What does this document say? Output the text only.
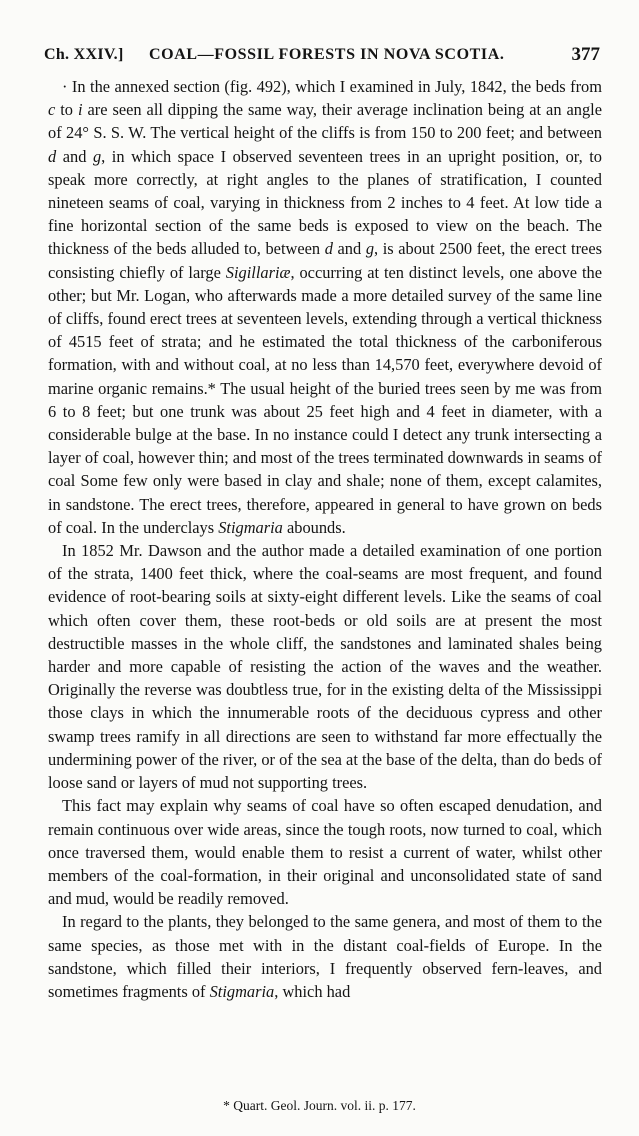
Ch. XXIV.] COAL—FOSSIL FORESTS IN NOVA SCOTIA.	377

· In the annexed section (fig. 492), which I examined in July, 1842, the beds from c to i are seen all dipping the same way, their average inclination being at an angle of 24° S. S. W. The vertical height of the cliffs is from 150 to 200 feet; and between d and g, in which space I observed seventeen trees in an upright position, or, to speak more correctly, at right angles to the planes of stratification, I counted nineteen seams of coal, varying in thickness from 2 inches to 4 feet. At low tide a fine horizontal section of the same beds is exposed to view on the beach. The thickness of the beds alluded to, between d and g, is about 2500 feet, the erect trees consisting chiefly of large Sigillariæ, occurring at ten distinct levels, one above the other; but Mr. Logan, who afterwards made a more detailed survey of the same line of cliffs, found erect trees at seventeen levels, extending through a vertical thickness of 4515 feet of strata; and he estimated the total thickness of the carboniferous formation, with and without coal, at no less than 14,570 feet, everywhere devoid of marine organic remains.* The usual height of the buried trees seen by me was from 6 to 8 feet; but one trunk was about 25 feet high and 4 feet in diameter, with a considerable bulge at the base. In no instance could I detect any trunk intersecting a layer of coal, however thin; and most of the trees terminated downwards in seams of coal Some few only were based in clay and shale; none of them, except calamites, in sandstone. The erect trees, therefore, appeared in general to have grown on beds of coal. In the underclays Stigmaria abounds.

In 1852 Mr. Dawson and the author made a detailed examination of one portion of the strata, 1400 feet thick, where the coal-seams are most frequent, and found evidence of root-bearing soils at sixty-eight different levels. Like the seams of coal which often cover them, these root-beds or old soils are at present the most destructible masses in the whole cliff, the sandstones and laminated shales being harder and more capable of resisting the action of the waves and the weather. Originally the reverse was doubtless true, for in the existing delta of the Mississippi those clays in which the innumerable roots of the deciduous cypress and other swamp trees ramify in all directions are seen to withstand far more effectually the undermining power of the river, or of the sea at the base of the delta, than do beds of loose sand or layers of mud not supporting trees.

This fact may explain why seams of coal have so often escaped denudation, and remain continuous over wide areas, since the tough roots, now turned to coal, which once traversed them, would enable them to resist a current of water, whilst other members of the coal-formation, in their original and unconsolidated state of sand and mud, would be readily removed.

In regard to the plants, they belonged to the same genera, and most of them to the same species, as those met with in the distant coal-fields of Europe. In the sandstone, which filled their interiors, I frequently observed fern-leaves, and sometimes fragments of Stigmaria, which had

* Quart. Geol. Journ. vol. ii. p. 177.
